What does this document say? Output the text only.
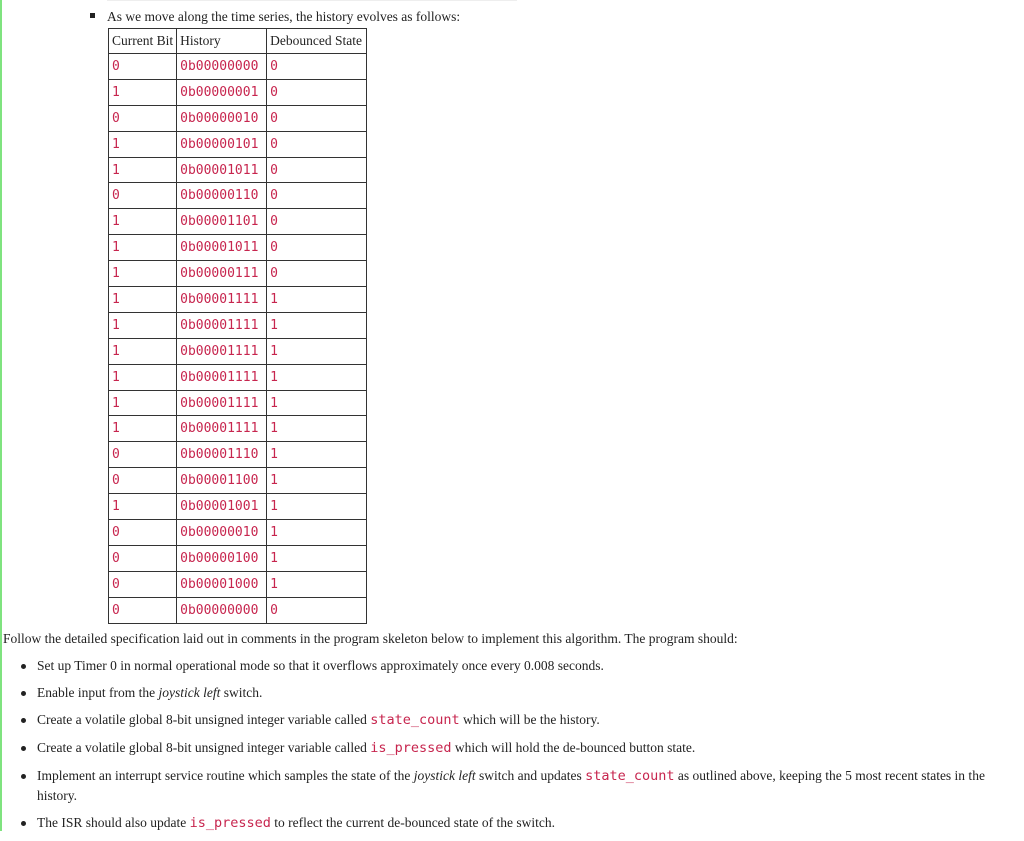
As we move along the time series, the history evolves as follows:
Current Bit	History	Debounced State
0	0b00000000	0
1	0b00000001	0
0	0b00000010	0
1	0b00000101	0
1	0b00001011	0
0	0b00000110	0
1	0b00001101	0
1	0b00001011	0
1	0b00000111	0
1	0b00001111	1
1	0b00001111	1
1	0b00001111	1
1	0b00001111	1
1	0b00001111	1
1	0b00001111	1
0	0b00001110	1
0	0b00001100	1
1	0b00001001	1
0	0b00000010	1
0	0b00000100	1
0	0b00001000	1
0	0b00000000	0
Follow the detailed specification laid out in comments in the program skeleton below to implement this algorithm. The program should:
Set up Timer 0 in normal operational mode so that it overflows approximately once every 0.008 seconds.
Enable input from the joystick left switch.
Create a volatile global 8-bit unsigned integer variable called state_count which will be the history.
Create a volatile global 8-bit unsigned integer variable called is_pressed which will hold the de-bounced button state.
Implement an interrupt service routine which samples the state of the joystick left switch and updates state_count as outlined above, keeping the 5 most recent states in the history.
The ISR should also update is_pressed to reflect the current de-bounced state of the switch.
